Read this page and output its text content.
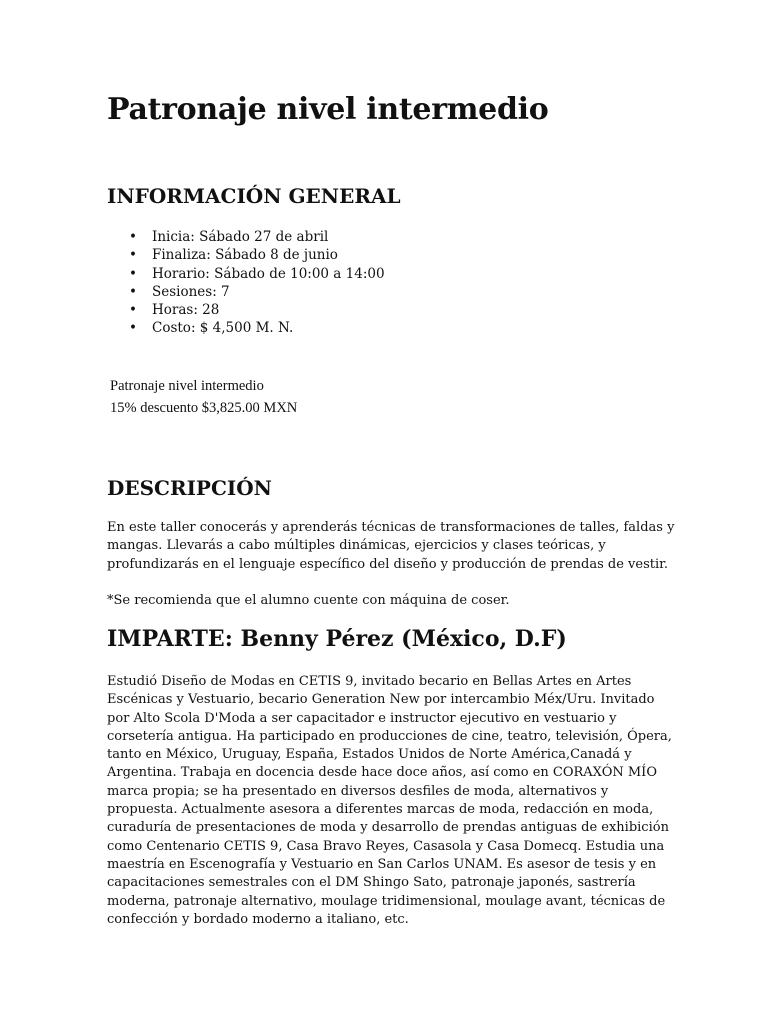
Patronaje nivel intermedio
INFORMACIÓN GENERAL
• Inicia: Sábado 27 de abril
• Finaliza: Sábado 8 de junio
• Horario: Sábado de 10:00 a 14:00
• Sesiones: 7
• Horas: 28
• Costo: $ 4,500 M. N.
Patronaje nivel intermedio
15% descuento $3,825.00 MXN
DESCRIPCIÓN

En este taller conocerás y aprenderás técnicas de transformaciones de talles, faldas y
mangas. Llevarás a cabo múltiples dinámicas, ejercicios y clases teóricas, y
profundizarás en el lenguaje específico del diseño y producción de prendas de vestir.

*Se recomienda que el alumno cuente con máquina de coser.

IMPARTE: Benny Pérez (México, D.F)

Estudió Diseño de Modas en CETIS 9, invitado becario en Bellas Artes en Artes
Escénicas y Vestuario, becario Generation New por intercambio Méx/Uru. Invitado
por Alto Scola D'Moda a ser capacitador e instructor ejecutivo en vestuario y
corsetería antigua. Ha participado en producciones de cine, teatro, televisión, Ópera,
tanto en México, Uruguay, España, Estados Unidos de Norte América,Canadá y
Argentina. Trabaja en docencia desde hace doce años, así como en CORAXÓN MÍO
marca propia; se ha presentado en diversos desfiles de moda, alternativos y
propuesta. Actualmente asesora a diferentes marcas de moda, redacción en moda,
curaduría de presentaciones de moda y desarrollo de prendas antiguas de exhibición
como Centenario CETIS 9, Casa Bravo Reyes, Casasola y Casa Domecq. Estudia una
maestría en Escenografía y Vestuario en San Carlos UNAM. Es asesor de tesis y en
capacitaciones semestrales con el DM Shingo Sato, patronaje japonés, sastrería
moderna, patronaje alternativo, moulage tridimensional, moulage avant, técnicas de
confección y bordado moderno a italiano, etc.
